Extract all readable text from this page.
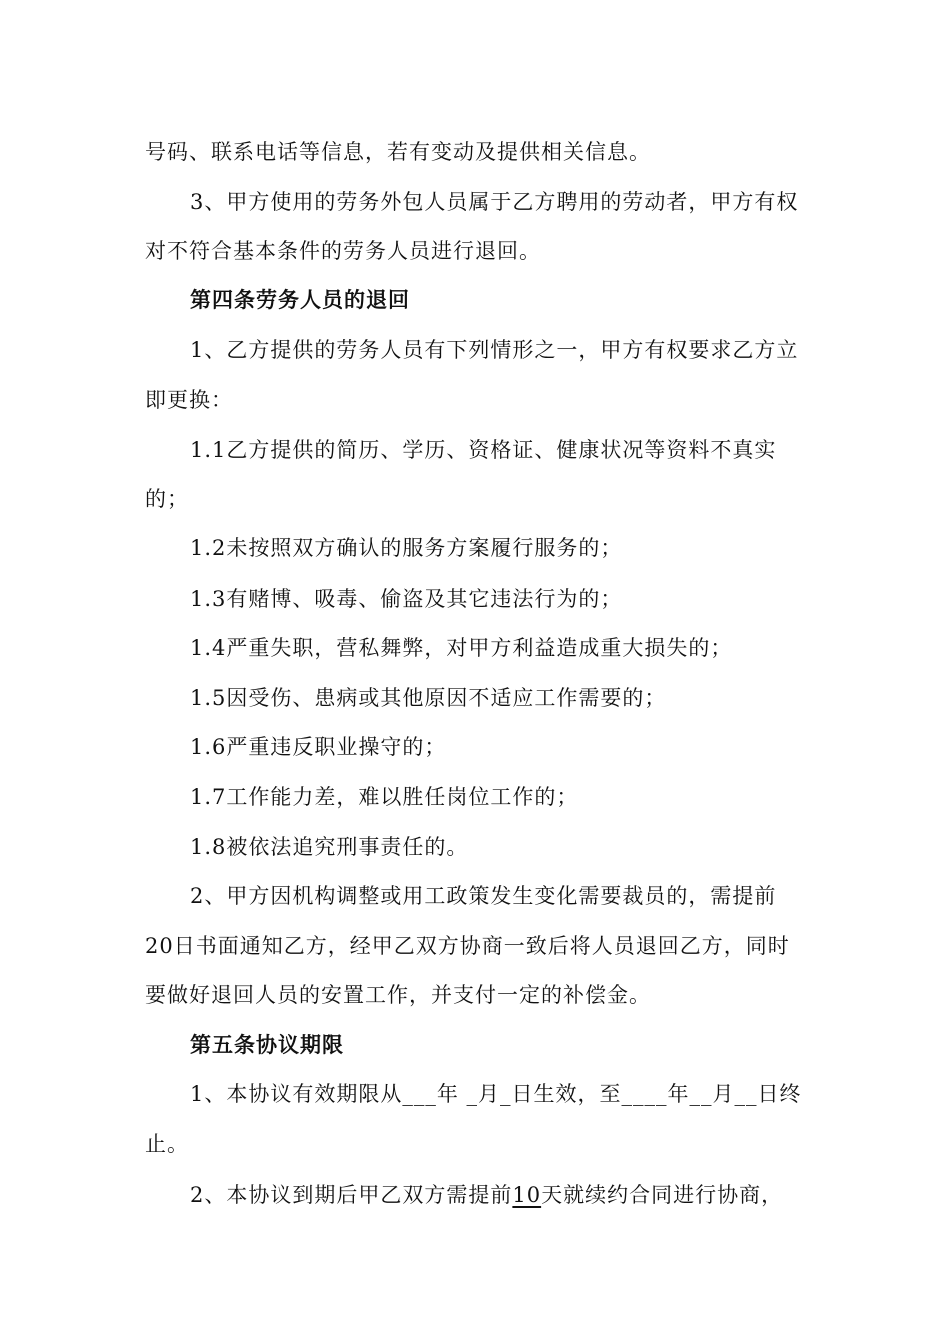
号码、联系电话等信息，若有变动及提供相关信息。
3、甲方使用的劳务外包人员属于乙方聘用的劳动者，甲方有权
对不符合基本条件的劳务人员进行退回。
第四条劳务人员的退回
1、乙方提供的劳务人员有下列情形之一，甲方有权要求乙方立
即更换：
1.1乙方提供的简历、学历、资格证、健康状况等资料不真实
的；
1.2未按照双方确认的服务方案履行服务的；
1.3有赌博、吸毒、偷盗及其它违法行为的；
1.4严重失职，营私舞弊，对甲方利益造成重大损失的；
1.5因受伤、患病或其他原因不适应工作需要的；
1.6严重违反职业操守的；
1.7工作能力差，难以胜任岗位工作的；
1.8被依法追究刑事责任的。
2、甲方因机构调整或用工政策发生变化需要裁员的，需提前
20日书面通知乙方，经甲乙双方协商一致后将人员退回乙方，同时
要做好退回人员的安置工作，并支付一定的补偿金。
第五条协议期限
1、本协议有效期限从___年 _月_日生效，至____年__月__日终
止。
2、本协议到期后甲乙双方需提前10天就续约合同进行协商，
